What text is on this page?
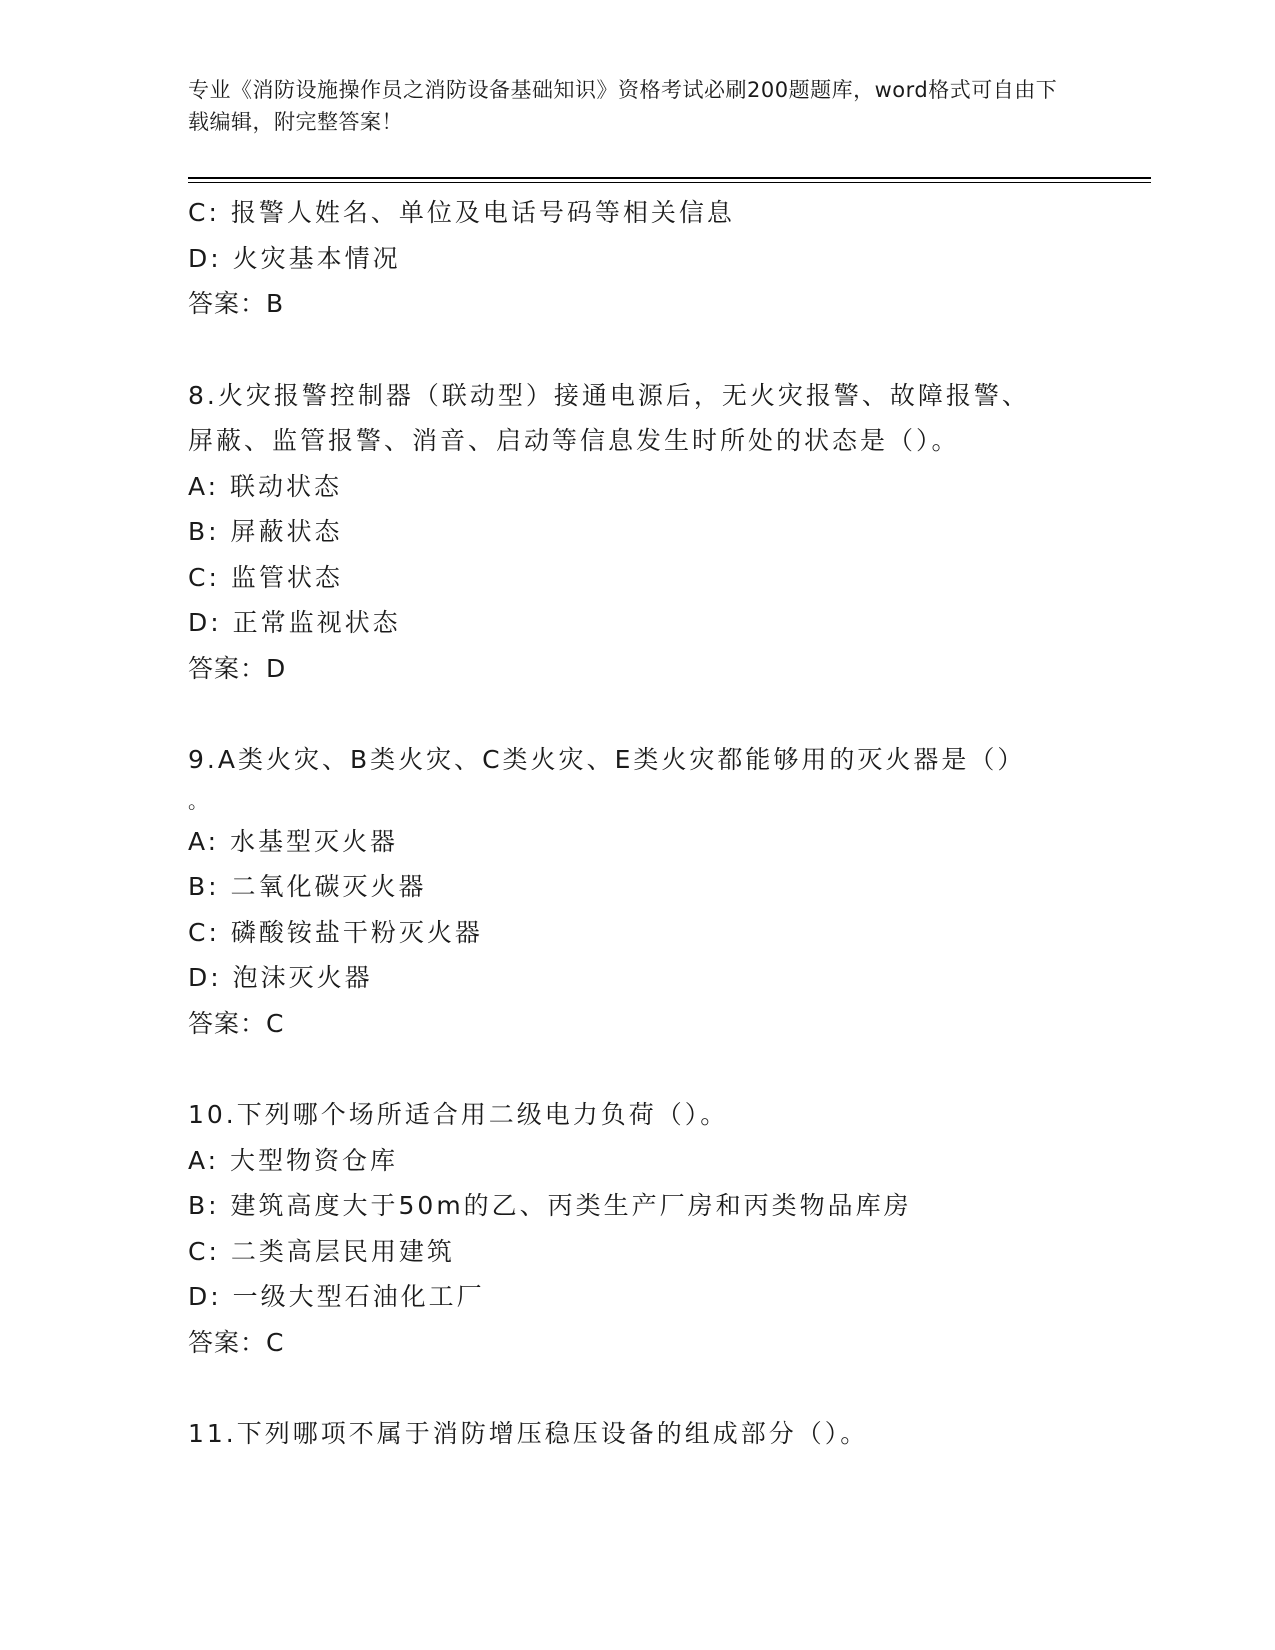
专业《消防设施操作员之消防设备基础知识》资格考试必刷200题题库，word格式可自由下载编辑，附完整答案！
C: 报警人姓名、单位及电话号码等相关信息
D: 火灾基本情况
答案：B
8.火灾报警控制器（联动型）接通电源后，无火灾报警、故障报警、
屏蔽、监管报警、消音、启动等信息发生时所处的状态是（）。
A: 联动状态
B: 屏蔽状态
C: 监管状态
D: 正常监视状态
答案：D
9.A类火灾、B类火灾、C类火灾、E类火灾都能够用的灭火器是（）
。
A: 水基型灭火器
B: 二氧化碳灭火器
C: 磷酸铵盐干粉灭火器
D: 泡沫灭火器
答案：C
10.下列哪个场所适合用二级电力负荷（）。
A: 大型物资仓库
B: 建筑高度大于50m的乙、丙类生产厂房和丙类物品库房
C: 二类高层民用建筑
D: 一级大型石油化工厂
答案：C
11.下列哪项不属于消防增压稳压设备的组成部分（）。
